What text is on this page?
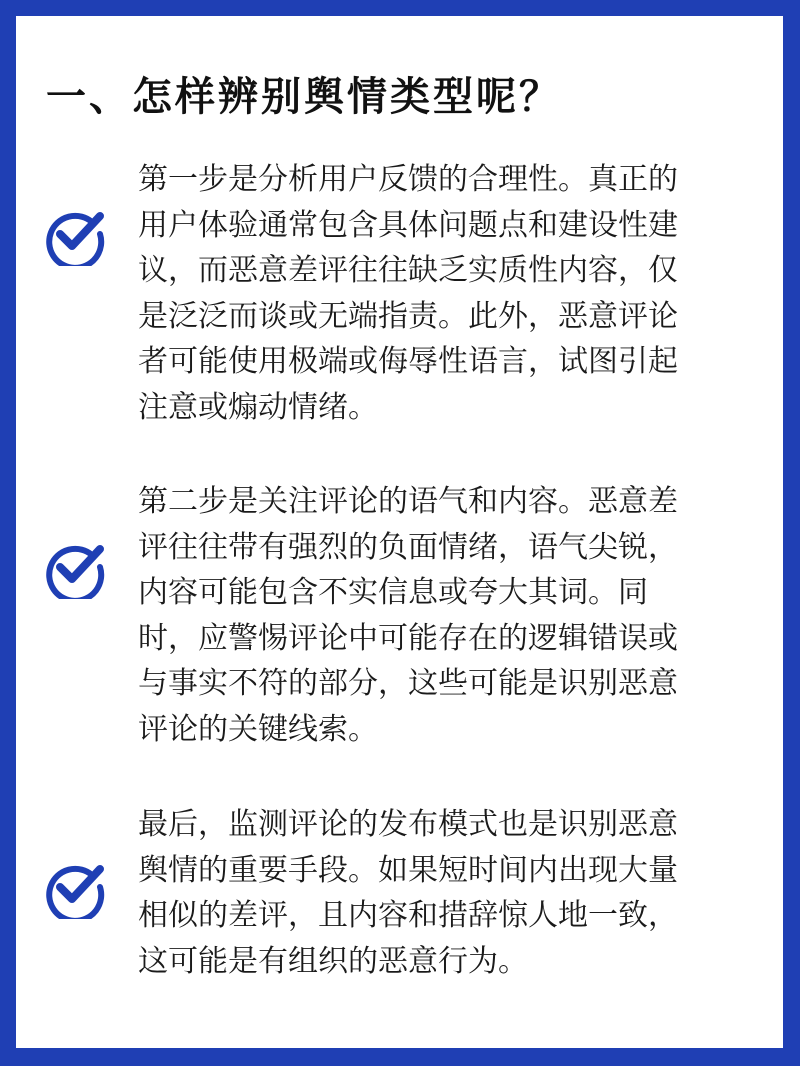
一、怎样辨别舆情类型呢？
第一步是分析用户反馈的合理性。真正的
用户体验通常包含具体问题点和建设性建
议，而恶意差评往往缺乏实质性内容，仅
是泛泛而谈或无端指责。此外，恶意评论
者可能使用极端或侮辱性语言，试图引起
注意或煽动情绪。
第二步是关注评论的语气和内容。恶意差
评往往带有强烈的负面情绪，语气尖锐，
内容可能包含不实信息或夸大其词。同
时，应警惕评论中可能存在的逻辑错误或
与事实不符的部分，这些可能是识别恶意
评论的关键线索。
最后，监测评论的发布模式也是识别恶意
舆情的重要手段。如果短时间内出现大量
相似的差评，且内容和措辞惊人地一致，
这可能是有组织的恶意行为。
